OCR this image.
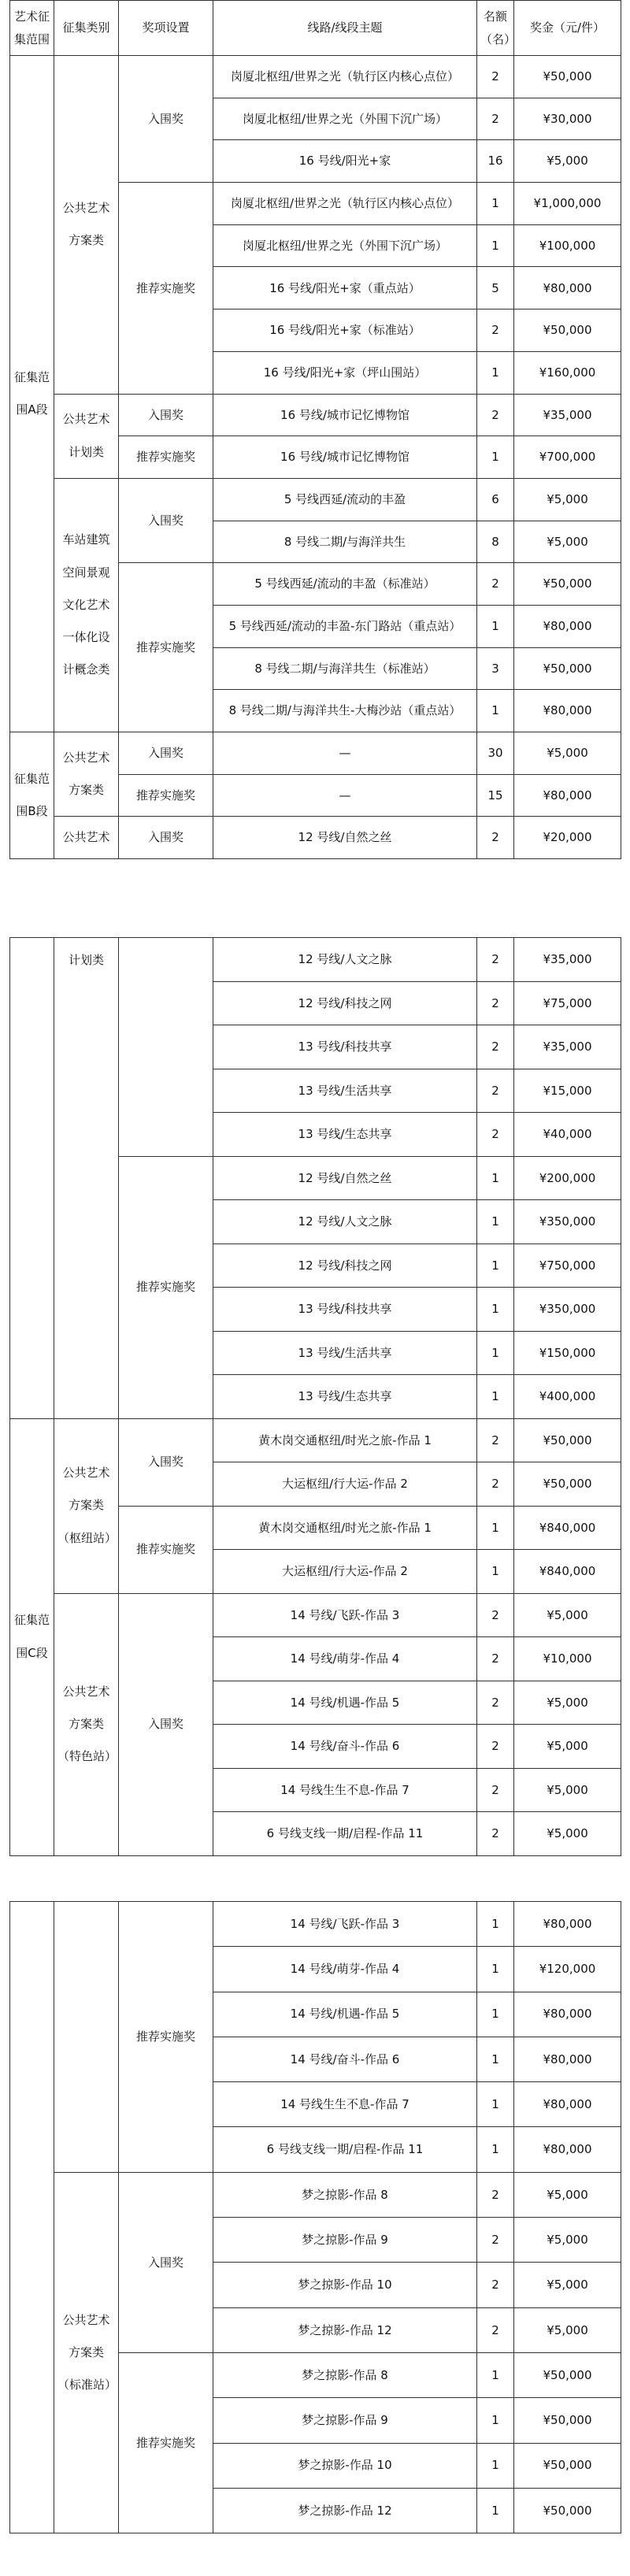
艺术征集范围	征集类别	奖项设置	线路/线段主题	名额（名）	奖金（元/件）
征集范围A段	公共艺术方案类	入围奖	岗厦北枢纽/世界之光（轨行区内核心点位）	2	¥50,000
			岗厦北枢纽/世界之光（外围下沉广场）	2	¥30,000
			16 号线/阳光+家	16	¥5,000
		推荐实施奖	岗厦北枢纽/世界之光（轨行区内核心点位）	1	¥1,000,000
			岗厦北枢纽/世界之光（外围下沉广场）	1	¥100,000
			16 号线/阳光+家（重点站）	5	¥80,000
			16 号线/阳光+家（标准站）	2	¥50,000
			16 号线/阳光+家（坪山围站）	1	¥160,000
	公共艺术计划类	入围奖	16 号线/城市记忆博物馆	2	¥35,000
		推荐实施奖	16 号线/城市记忆博物馆	1	¥700,000
	车站建筑空间景观文化艺术一体化设计概念类	入围奖	5 号线西延/流动的丰盈	6	¥5,000
			8 号线二期/与海洋共生	8	¥5,000
		推荐实施奖	5 号线西延/流动的丰盈（标准站）	2	¥50,000
			5 号线西延/流动的丰盈-东门路站（重点站）	1	¥80,000
			8 号线二期/与海洋共生（标准站）	3	¥50,000
			8 号线二期/与海洋共生-大梅沙站（重点站）	1	¥80,000
征集范围B段	公共艺术方案类	入围奖	—	30	¥5,000
		推荐实施奖	—	15	¥80,000
	公共艺术	入围奖	12 号线/自然之丝	2	¥20,000
	计划类		12 号线/人文之脉	2	¥35,000
			12 号线/科技之网	2	¥75,000
			13 号线/科技共享	2	¥35,000
			13 号线/生活共享	2	¥15,000
			13 号线/生态共享	2	¥40,000
		推荐实施奖	12 号线/自然之丝	1	¥200,000
			12 号线/人文之脉	1	¥350,000
			12 号线/科技之网	1	¥750,000
			13 号线/科技共享	1	¥350,000
			13 号线/生活共享	1	¥150,000
			13 号线/生态共享	1	¥400,000
征集范围C段	公共艺术方案类（枢纽站）	入围奖	黄木岗交通枢纽/时光之旅-作品 1	2	¥50,000
			大运枢纽/行大运-作品 2	2	¥50,000
		推荐实施奖	黄木岗交通枢纽/时光之旅-作品 1	1	¥840,000
			大运枢纽/行大运-作品 2	1	¥840,000
	公共艺术方案类（特色站）	入围奖	14 号线/飞跃-作品 3	2	¥5,000
			14 号线/萌芽-作品 4	2	¥10,000
			14 号线/机遇-作品 5	2	¥5,000
			14 号线/奋斗-作品 6	2	¥5,000
			14 号线生生不息-作品 7	2	¥5,000
			6 号线支线一期/启程-作品 11	2	¥5,000
		推荐实施奖	14 号线/飞跃-作品 3	1	¥80,000
			14 号线/萌芽-作品 4	1	¥120,000
			14 号线/机遇-作品 5	1	¥80,000
			14 号线/奋斗-作品 6	1	¥80,000
			14 号线生生不息-作品 7	1	¥80,000
			6 号线支线一期/启程-作品 11	1	¥80,000
	公共艺术方案类（标准站）	入围奖	梦之掠影-作品 8	2	¥5,000
			梦之掠影-作品 9	2	¥5,000
			梦之掠影-作品 10	2	¥5,000
			梦之掠影-作品 12	2	¥5,000
		推荐实施奖	梦之掠影-作品 8	1	¥50,000
			梦之掠影-作品 9	1	¥50,000
			梦之掠影-作品 10	1	¥50,000
			梦之掠影-作品 12	1	¥50,000
